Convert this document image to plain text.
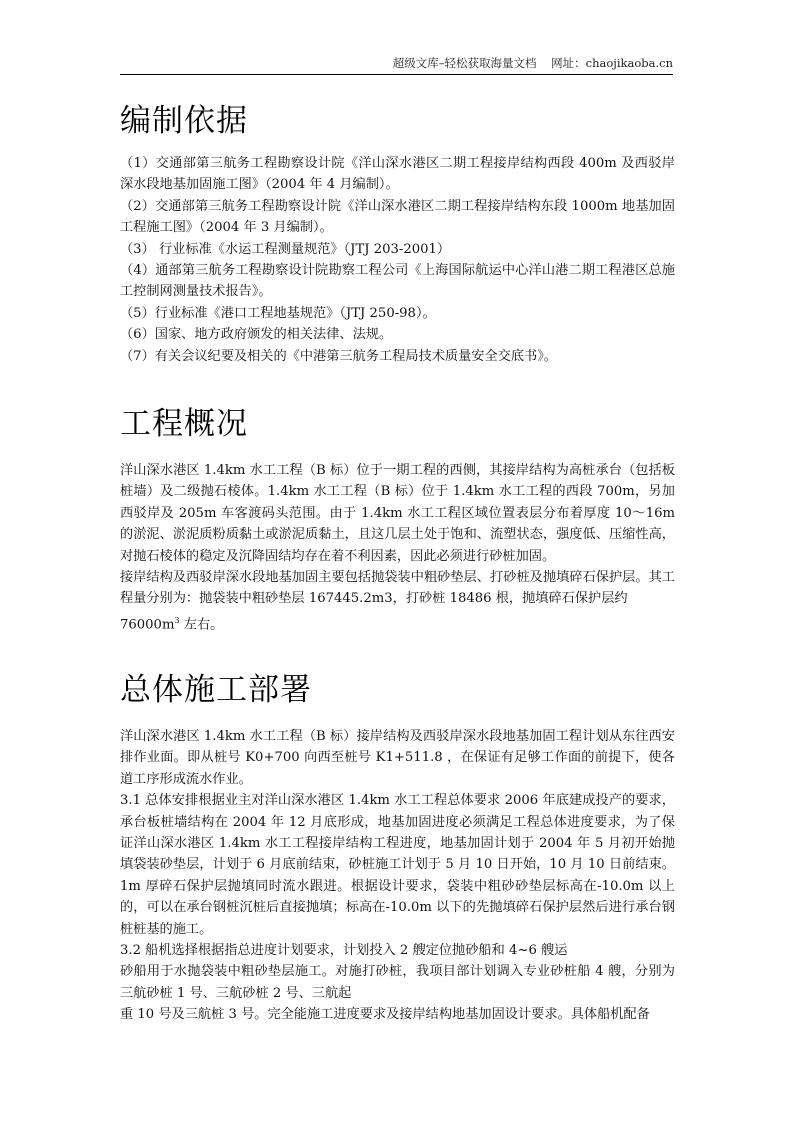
超级文库–轻松获取海量文档 网址：chaojikaoba.cn
编制依据

（1）交通部第三航务工程勘察设计院《洋山深水港区二期工程接岸结构西段 400m 及西驳岸深水段地基加固施工图》（2004 年 4 月编制）。

（2）交通部第三航务工程勘察设计院《洋山深水港区二期工程接岸结构东段 1000m 地基加固工程施工图》（2004 年 3 月编制）。

（3） 行业标准《水运工程测量规范》（JTJ 203-2001）

（4）通部第三航务工程勘察设计院勘察工程公司《上海国际航运中心洋山港二期工程港区总施工控制网测量技术报告》。

（5）行业标准《港口工程地基规范》（JTJ 250-98）。

（6）国家、地方政府颁发的相关法律、法规。

（7）有关会议纪要及相关的《中港第三航务工程局技术质量安全交底书》。

工程概况

洋山深水港区 1.4km 水工工程（B 标）位于一期工程的西侧，其接岸结构为高桩承台（包括板桩墙）及二级抛石棱体。1.4km 水工工程（B 标）位于 1.4km 水工工程的西段 700m，另加西驳岸及 205m 车客渡码头范围。由于 1.4km 水工工程区域位置表层分布着厚度 10～16m 的淤泥、淤泥质粉质黏土或淤泥质黏土，且这几层土处于饱和、流塑状态，强度低、压缩性高，对抛石棱体的稳定及沉降固结均存在着不利因素，因此必须进行砂桩加固。

接岸结构及西驳岸深水段地基加固主要包括抛袋装中粗砂垫层、打砂桩及抛填碎石保护层。其工程量分别为：抛袋装中粗砂垫层 167445.2m3，打砂桩 18486 根，抛填碎石保护层约

$76000m^3$ 左右。

总体施工部署

洋山深水港区 1.4km 水工工程（B 标）接岸结构及西驳岸深水段地基加固工程计划从东往西安排作业面。即从桩号 K0+700 向西至桩号 K1+511.8 ，在保证有足够工作面的前提下，使各道工序形成流水作业。

3.1 总体安排根据业主对洋山深水港区 1.4km 水工工程总体要求 2006 年底建成投产的要求，承台板桩墙结构在 2004 年 12 月底形成，地基加固进度必须满足工程总体进度要求，为了保证洋山深水港区 1.4km 水工工程接岸结构工程进度，地基加固计划于 2004 年 5 月初开始抛填袋装砂垫层，计划于 6 月底前结束，砂桩施工计划于 5 月 10 日开始，10 月 10 日前结束。1m 厚碎石保护层抛填同时流水跟进。根据设计要求，袋装中粗砂砂垫层标高在-10.0m 以上的，可以在承台钢桩沉桩后直接抛填；标高在-10.0m 以下的先抛填碎石保护层然后进行承台钢桩桩基的施工。

3.2 船机选择根据指总进度计划要求，计划投入 2 艘定位抛砂船和 4~6 艘运

砂船用于水抛袋装中粗砂垫层施工。对施打砂桩，我项目部计划调入专业砂桩船 4 艘，分别为三航砂桩 1 号、三航砂桩 2 号、三航起

重 10 号及三航桩 3 号。完全能施工进度要求及接岸结构地基加固设计要求。具体船机配备
